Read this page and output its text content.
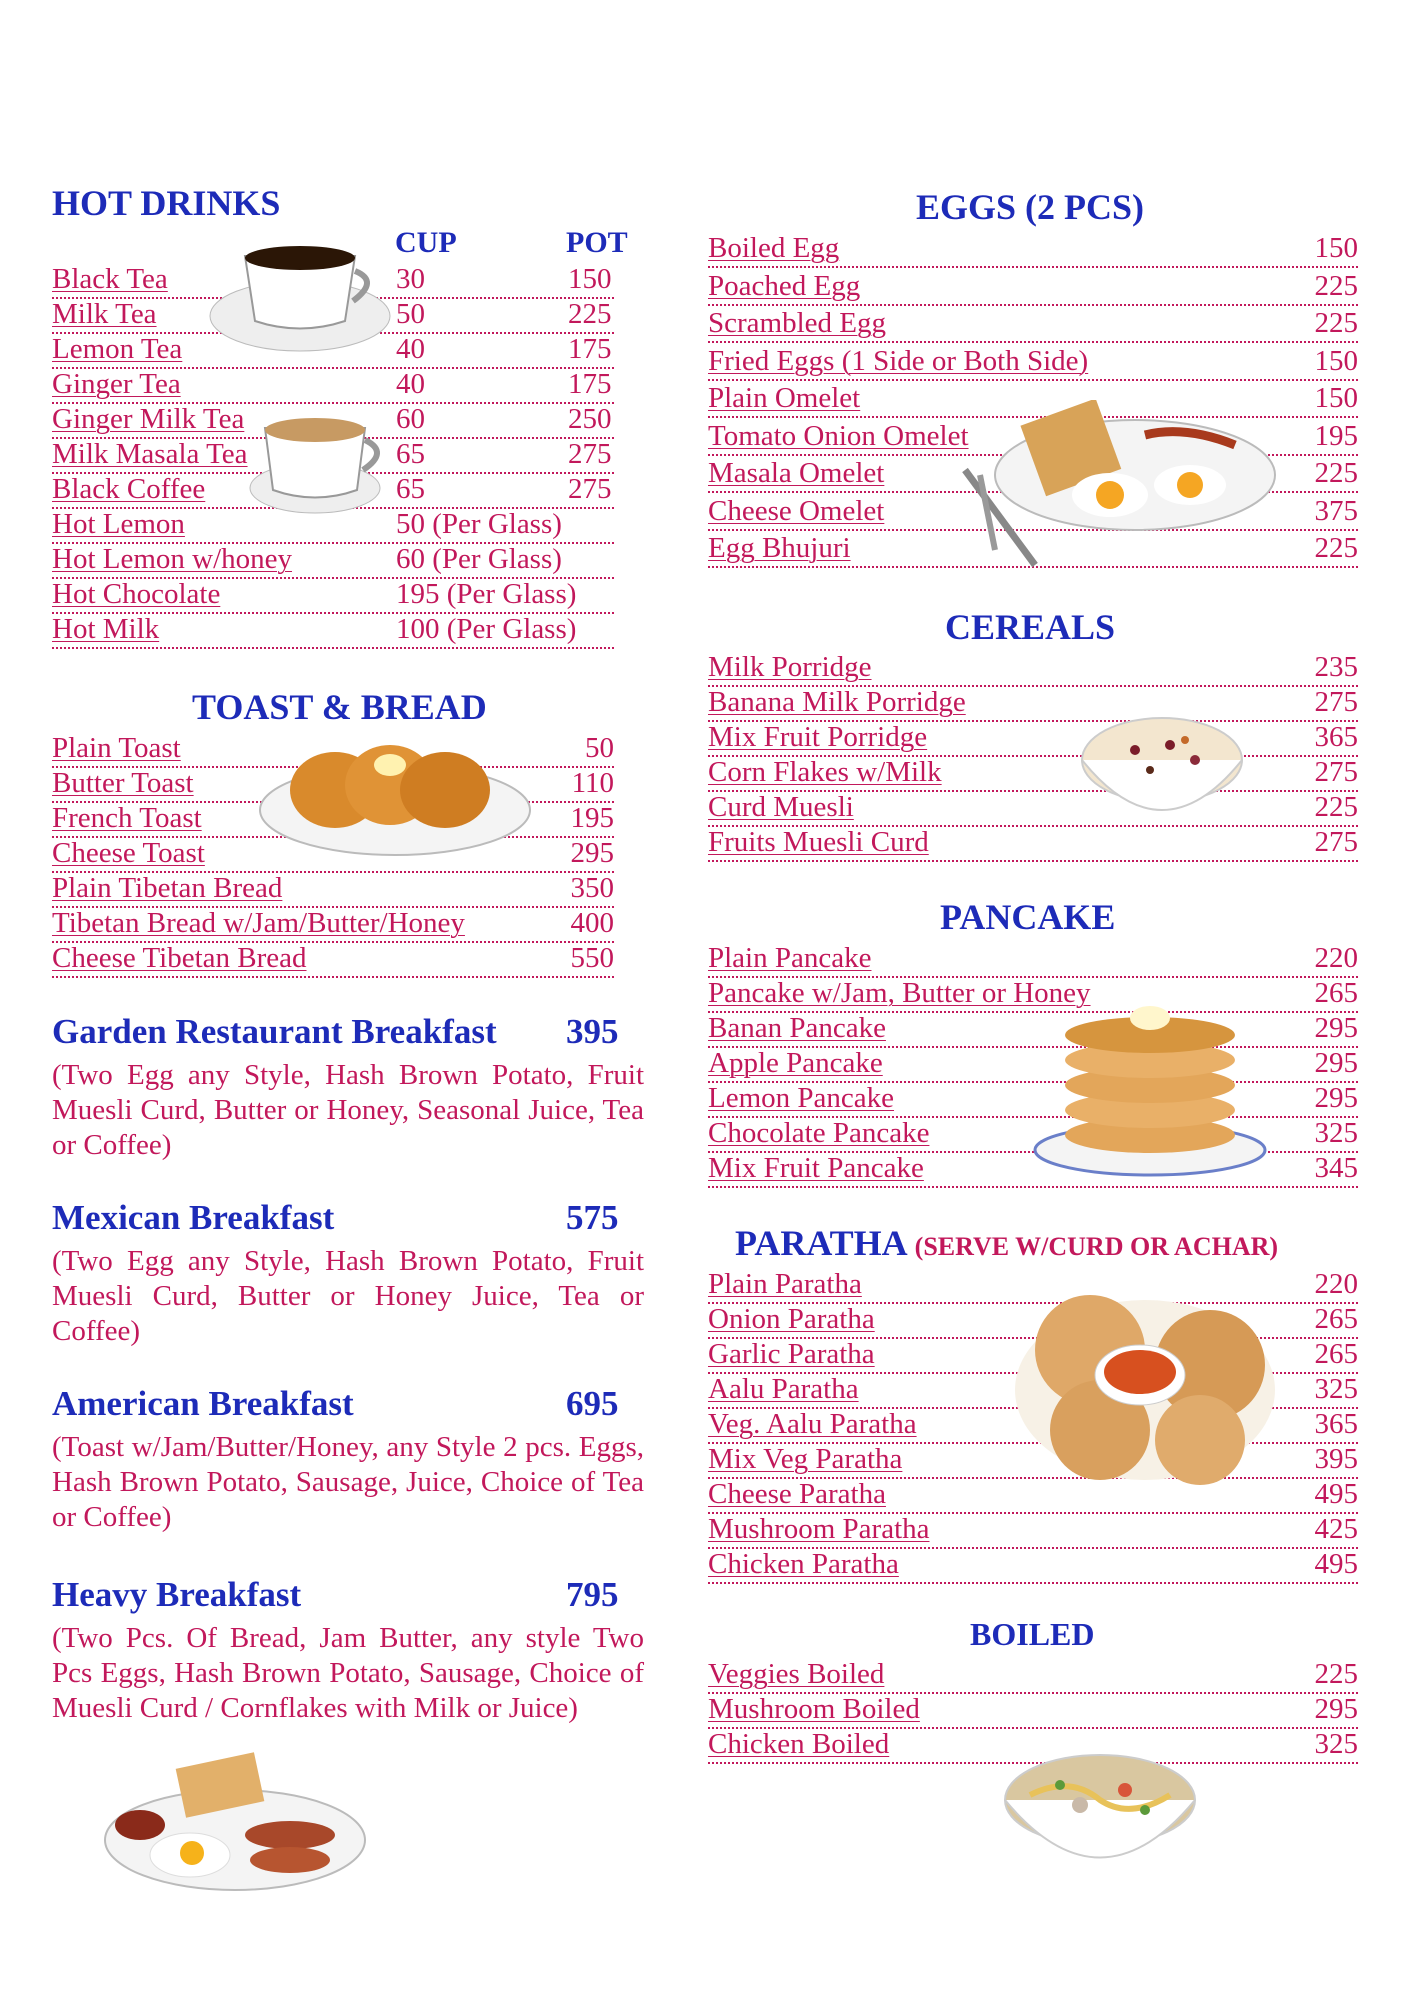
HOT DRINKS
CUP	POT
Black Tea	30	150
Milk Tea	50	225
Lemon Tea	40	175
Ginger Tea	40	175
Ginger Milk Tea	60	250
Milk Masala Tea	65	275
Black Coffee	65	275
Hot Lemon	50 (Per Glass)
Hot Lemon w/honey	60 (Per Glass)
Hot Chocolate	195 (Per Glass)
Hot Milk	100 (Per Glass)
TOAST & BREAD
Plain Toast	50
Butter Toast	110
French Toast	195
Cheese Toast	295
Plain Tibetan Bread	350
Tibetan Bread w/Jam/Butter/Honey	400
Cheese Tibetan Bread	550
Garden Restaurant Breakfast 395
(Two Egg any Style, Hash Brown Potato, Fruit Muesli Curd, Butter or Honey, Seasonal Juice, Tea or Coffee)
Mexican Breakfast	575
(Two Egg any Style, Hash Brown Potato, Fruit Muesli Curd, Butter or Honey Juice, Tea or Coffee)
American Breakfast	695
(Toast w/Jam/Butter/Honey, any Style 2 pcs. Eggs, Hash Brown Potato, Sausage, Juice, Choice of Tea or Coffee)
Heavy Breakfast	795
(Two Pcs. Of Bread, Jam Butter, any style Two Pcs Eggs, Hash Brown Potato, Sausage, Choice of Muesli Curd / Cornflakes with Milk or Juice)
EGGS (2 PCS)
Boiled Egg	150
Poached Egg	225
Scrambled Egg	225
Fried Eggs (1 Side or Both Side)	150
Plain Omelet	150
Tomato Onion Omelet	195
Masala Omelet	225
Cheese Omelet	375
Egg Bhujuri	225
CEREALS
Milk Porridge	235
Banana Milk Porridge	275
Mix Fruit Porridge	365
Corn Flakes w/Milk	275
Curd Muesli	225
Fruits Muesli Curd	275
PANCAKE
Plain Pancake	220
Pancake w/Jam, Butter or Honey	265
Banan Pancake	295
Apple Pancake	295
Lemon Pancake	295
Chocolate Pancake	325
Mix Fruit Pancake	345
PARATHA (SERVE W/CURD OR ACHAR)
Plain Paratha	220
Onion Paratha	265
Garlic Paratha	265
Aalu Paratha	325
Veg. Aalu Paratha	365
Mix Veg Paratha	395
Cheese Paratha	495
Mushroom Paratha	425
Chicken Paratha	495
BOILED
Veggies Boiled	225
Mushroom Boiled	295
Chicken Boiled	325
